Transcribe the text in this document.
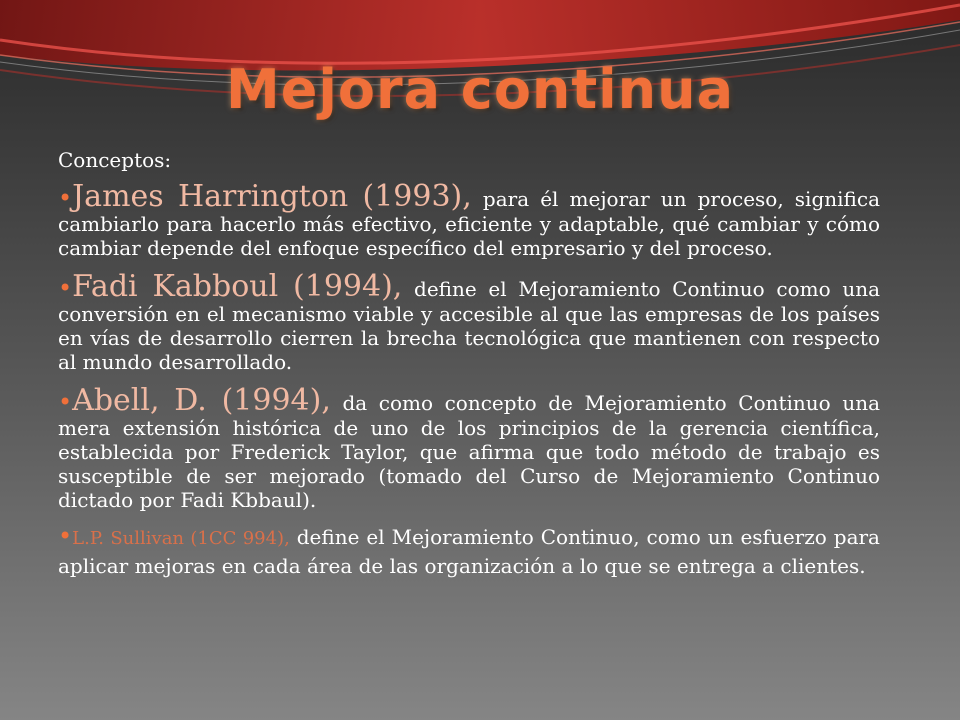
Mejora continua

Conceptos:

•James Harrington (1993), para él mejorar un proceso, significa cambiarlo para hacerlo más efectivo, eficiente y adaptable, qué cambiar y cómo cambiar depende del enfoque específico del empresario y del proceso.

•Fadi Kabboul (1994), define el Mejoramiento Continuo como una conversión en el mecanismo viable y accesible al que las empresas de los países en vías de desarrollo cierren la brecha tecnológica que mantienen con respecto al mundo desarrollado.

•Abell, D. (1994), da como concepto de Mejoramiento Continuo una mera extensión histórica de uno de los principios de la gerencia científica, establecida por Frederick Taylor, que afirma que todo método de trabajo es susceptible de ser mejorado (tomado del Curso de Mejoramiento Continuo dictado por Fadi Kbbaul).

•L.P. Sullivan (1CC 994), define el Mejoramiento Continuo, como un esfuerzo para aplicar mejoras en cada área de las organización a lo que se entrega a clientes.
